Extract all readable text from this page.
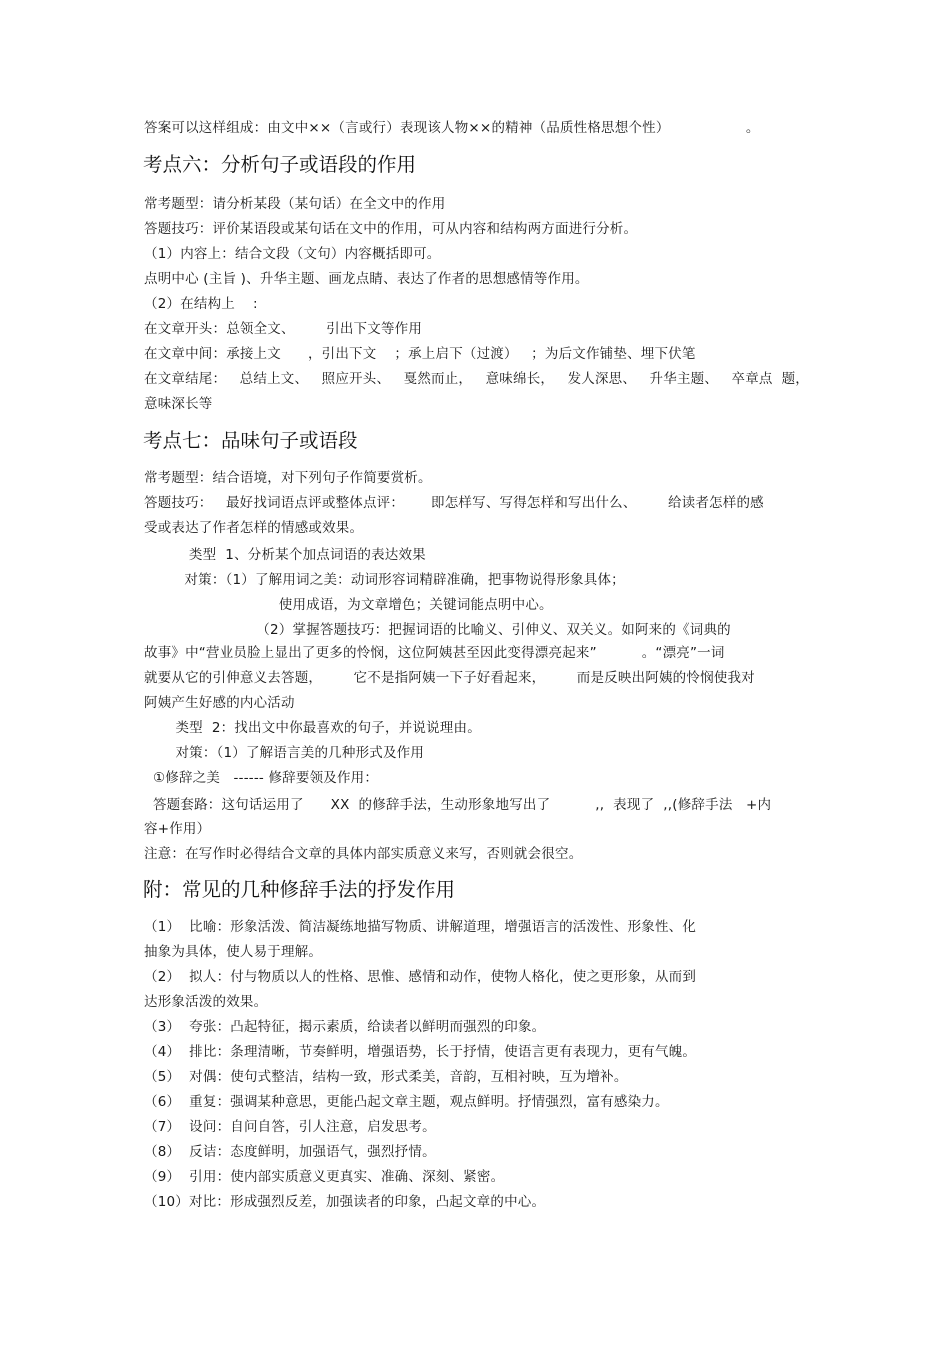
答案可以这样组成：由文中××（言或行）表现该人物××的精神（品质性格思想个性）                 。
考点六：分析句子或语段的作用
常考题型：请分析某段（某句话）在全文中的作用
答题技巧：评价某语段或某句话在文中的作用，可从内容和结构两方面进行分析。
（1）内容上：结合文段（文句）内容概括即可。
点明中心 (主旨 )、升华主题、画龙点睛、表达了作者的思想感情等作用。
（2）在结构上    :
在文章开头：总领全文、       引出下文等作用
在文章中间：承接上文      ，引出下文    ；承上启下（过渡）   ；为后文作铺垫、埋下伏笔
在文章结尾：   总结上文、   照应开头、   戛然而止，   意味绵长，   发人深思、   升华主题、   卒章点  题，
意味深长等
考点七：品味句子或语段
常考题型：结合语境，对下列句子作简要赏析。
答题技巧：   最好找词语点评或整体点评：      即怎样写、写得怎样和写出什么、       给读者怎样的感
受或表达了作者怎样的情感或效果。
类型  1、分析某个加点词语的表达效果
对策：（1）了解用词之美：动词形容词精辟准确，把事物说得形象具体；
使用成语，为文章增色；关键词能点明中心。
（2）掌握答题技巧：把握词语的比喻义、引伸义、双关义。如阿来的《词典的
故事》中“营业员脸上显出了更多的怜悯，这位阿姨甚至因此变得漂亮起来”          。“漂亮”一词
就要从它的引伸意义去答题，       它不是指阿姨一下子好看起来，       而是反映出阿姨的怜悯使我对
阿姨产生好感的内心活动
类型  2：找出文中你最喜欢的句子，并说说理由。
对策：（1）了解语言美的几种形式及作用
①修辞之美   ------ 修辞要领及作用：
答题套路：这句话运用了      XX  的修辞手法，生动形象地写出了          ,,  表现了  ,,(修辞手法   +内
容+作用）
注意：在写作时必得结合文章的具体内部实质意义来写，否则就会很空。
附：常见的几种修辞手法的抒发作用
（1）  比喻：形象活泼、简洁凝练地描写物质、讲解道理，增强语言的活泼性、形象性、化
抽象为具体，使人易于理解。
（2）  拟人：付与物质以人的性格、思惟、感情和动作，使物人格化，使之更形象，从而到
达形象活泼的效果。
（3）  夸张：凸起特征，揭示素质，给读者以鲜明而强烈的印象。
（4）  排比：条理清晰，节奏鲜明，增强语势，长于抒情，使语言更有表现力，更有气魄。
（5）  对偶：使句式整洁，结构一致，形式柔美，音韵，互相衬映，互为增补。
（6）  重复：强调某种意思，更能凸起文章主题，观点鲜明。抒情强烈，富有感染力。
（7）  设问：自问自答，引人注意，启发思考。
（8）  反诘：态度鲜明，加强语气，强烈抒情。
（9）  引用：使内部实质意义更真实、准确、深刻、紧密。
（10）对比：形成强烈反差，加强读者的印象，凸起文章的中心。
